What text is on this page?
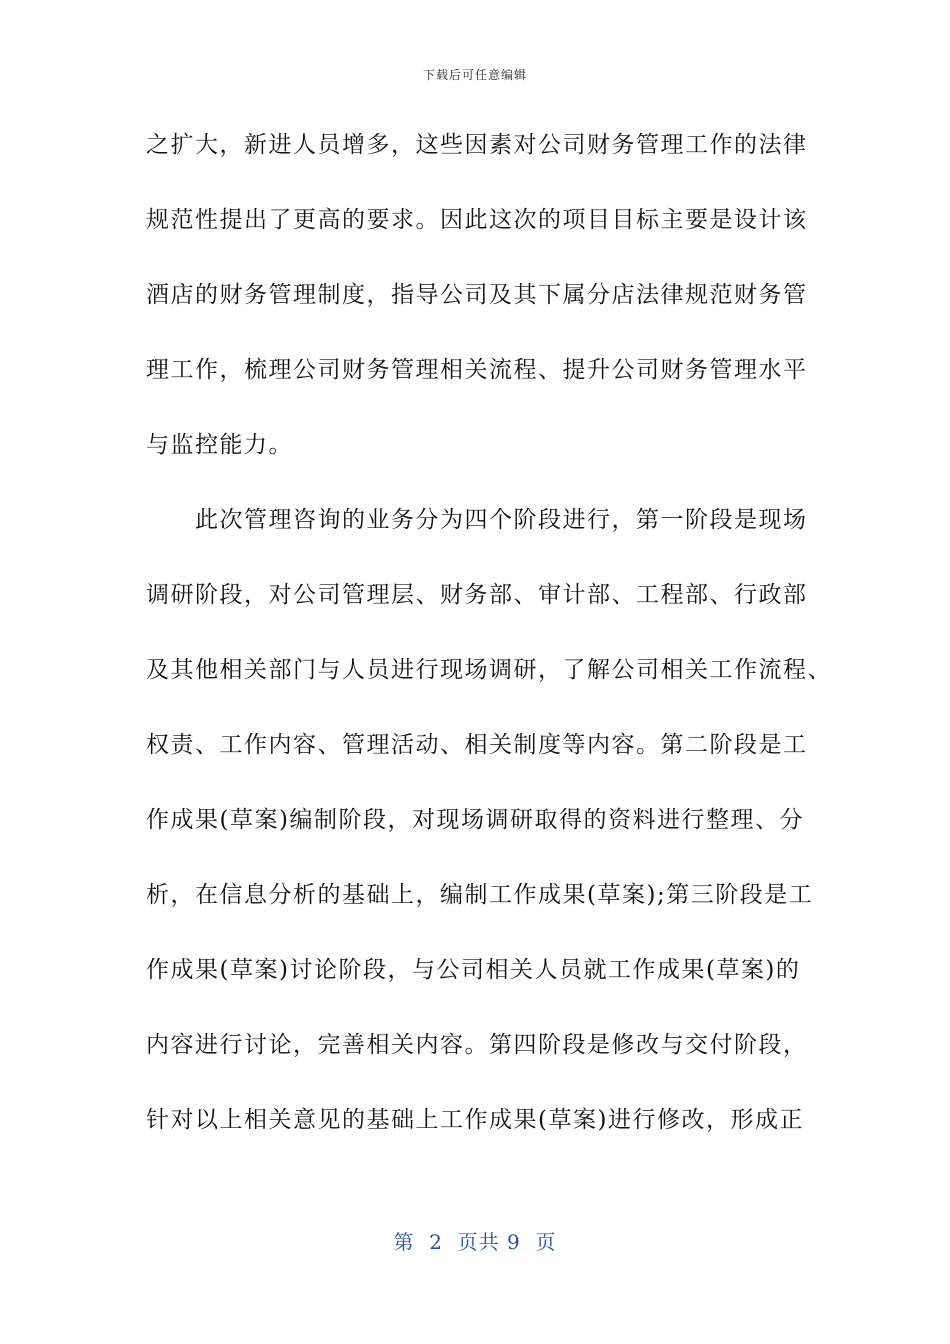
下载后可任意编辑
之扩大，新进人员增多，这些因素对公司财务管理工作的法律
规范性提出了更高的要求。因此这次的项目目标主要是设计该
酒店的财务管理制度，指导公司及其下属分店法律规范财务管
理工作，梳理公司财务管理相关流程、提升公司财务管理水平
与监控能力。
　　此次管理咨询的业务分为四个阶段进行，第一阶段是现场
调研阶段，对公司管理层、财务部、审计部、工程部、行政部
及其他相关部门与人员进行现场调研，了解公司相关工作流程、
权责、工作内容、管理活动、相关制度等内容。第二阶段是工
作成果(草案)编制阶段，对现场调研取得的资料进行整理、分
析，在信息分析的基础上，编制工作成果(草案);第三阶段是工
作成果(草案)讨论阶段，与公司相关人员就工作成果(草案)的
内容进行讨论，完善相关内容。第四阶段是修改与交付阶段，
针对以上相关意见的基础上工作成果(草案)进行修改，形成正
第  2  页共 9  页
